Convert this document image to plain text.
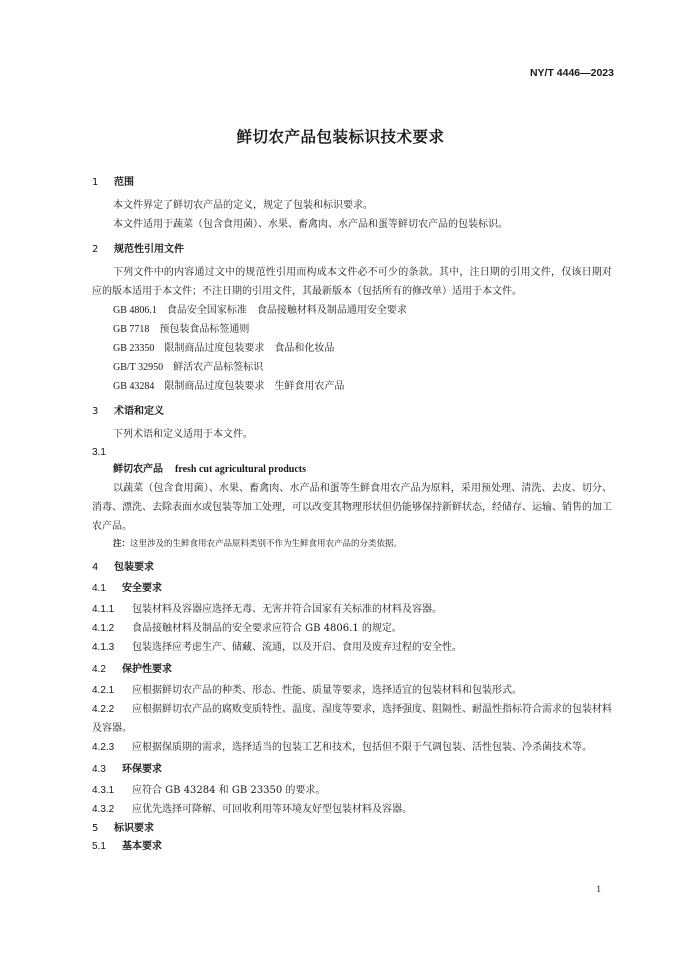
NY/T 4446—2023
鲜切农产品包装标识技术要求
1 范围
本文件界定了鲜切农产品的定义，规定了包装和标识要求。
本文件适用于蔬菜（包含食用菌）、水果、畜禽肉、水产品和蛋等鲜切农产品的包装标识。
2 规范性引用文件
下列文件中的内容通过文中的规范性引用而构成本文件必不可少的条款。其中，注日期的引用文件，仅该日期对应的版本适用于本文件；不注日期的引用文件，其最新版本（包括所有的修改单）适用于本文件。
GB 4806.1　 食品安全国家标准　食品接触材料及制品通用安全要求
GB 7718　 预包装食品标签通则
GB 23350　 限制商品过度包装要求　食品和化妆品
GB/T 32950　 鲜活农产品标签标识
GB 43284　 限制商品过度包装要求　生鲜食用农产品
3 术语和定义
下列术语和定义适用于本文件。
3.1
鲜切农产品 fresh cut agricultural products
以蔬菜（包含食用菌）、水果、畜禽肉、水产品和蛋等生鲜食用农产品为原料，采用预处理、清洗、去皮、切分、消毒、漂洗、去除表面水或包装等加工处理，可以改变其物理形状但仍能够保持新鲜状态，经储存、运输、销售的加工农产品。
注：这里涉及的生鲜食用农产品原料类别不作为生鲜食用农产品的分类依据。
4 包装要求
4.1 安全要求
4.1.1 包装材料及容器应选择无毒、无害并符合国家有关标准的材料及容器。
4.1.2 食品接触材料及制品的安全要求应符合 GB 4806.1 的规定。
4.1.3 包装选择应考虑生产、储藏、流通，以及开启、食用及废弃过程的安全性。
4.2 保护性要求
4.2.1 应根据鲜切农产品的种类、形态、性能、质量等要求，选择适宜的包装材料和包装形式。
4.2.2 应根据鲜切农产品的腐败变质特性、温度、湿度等要求，选择强度、阻隔性、耐温性指标符合需求的包装材料及容器。
4.2.3 应根据保质期的需求，选择适当的包装工艺和技术，包括但不限于气调包装、活性包装、冷杀菌技术等。
4.3 环保要求
4.3.1 应符合 GB 43284 和 GB 23350 的要求。
4.3.2 应优先选择可降解、可回收利用等环境友好型包装材料及容器。
5 标识要求
5.1 基本要求
1
